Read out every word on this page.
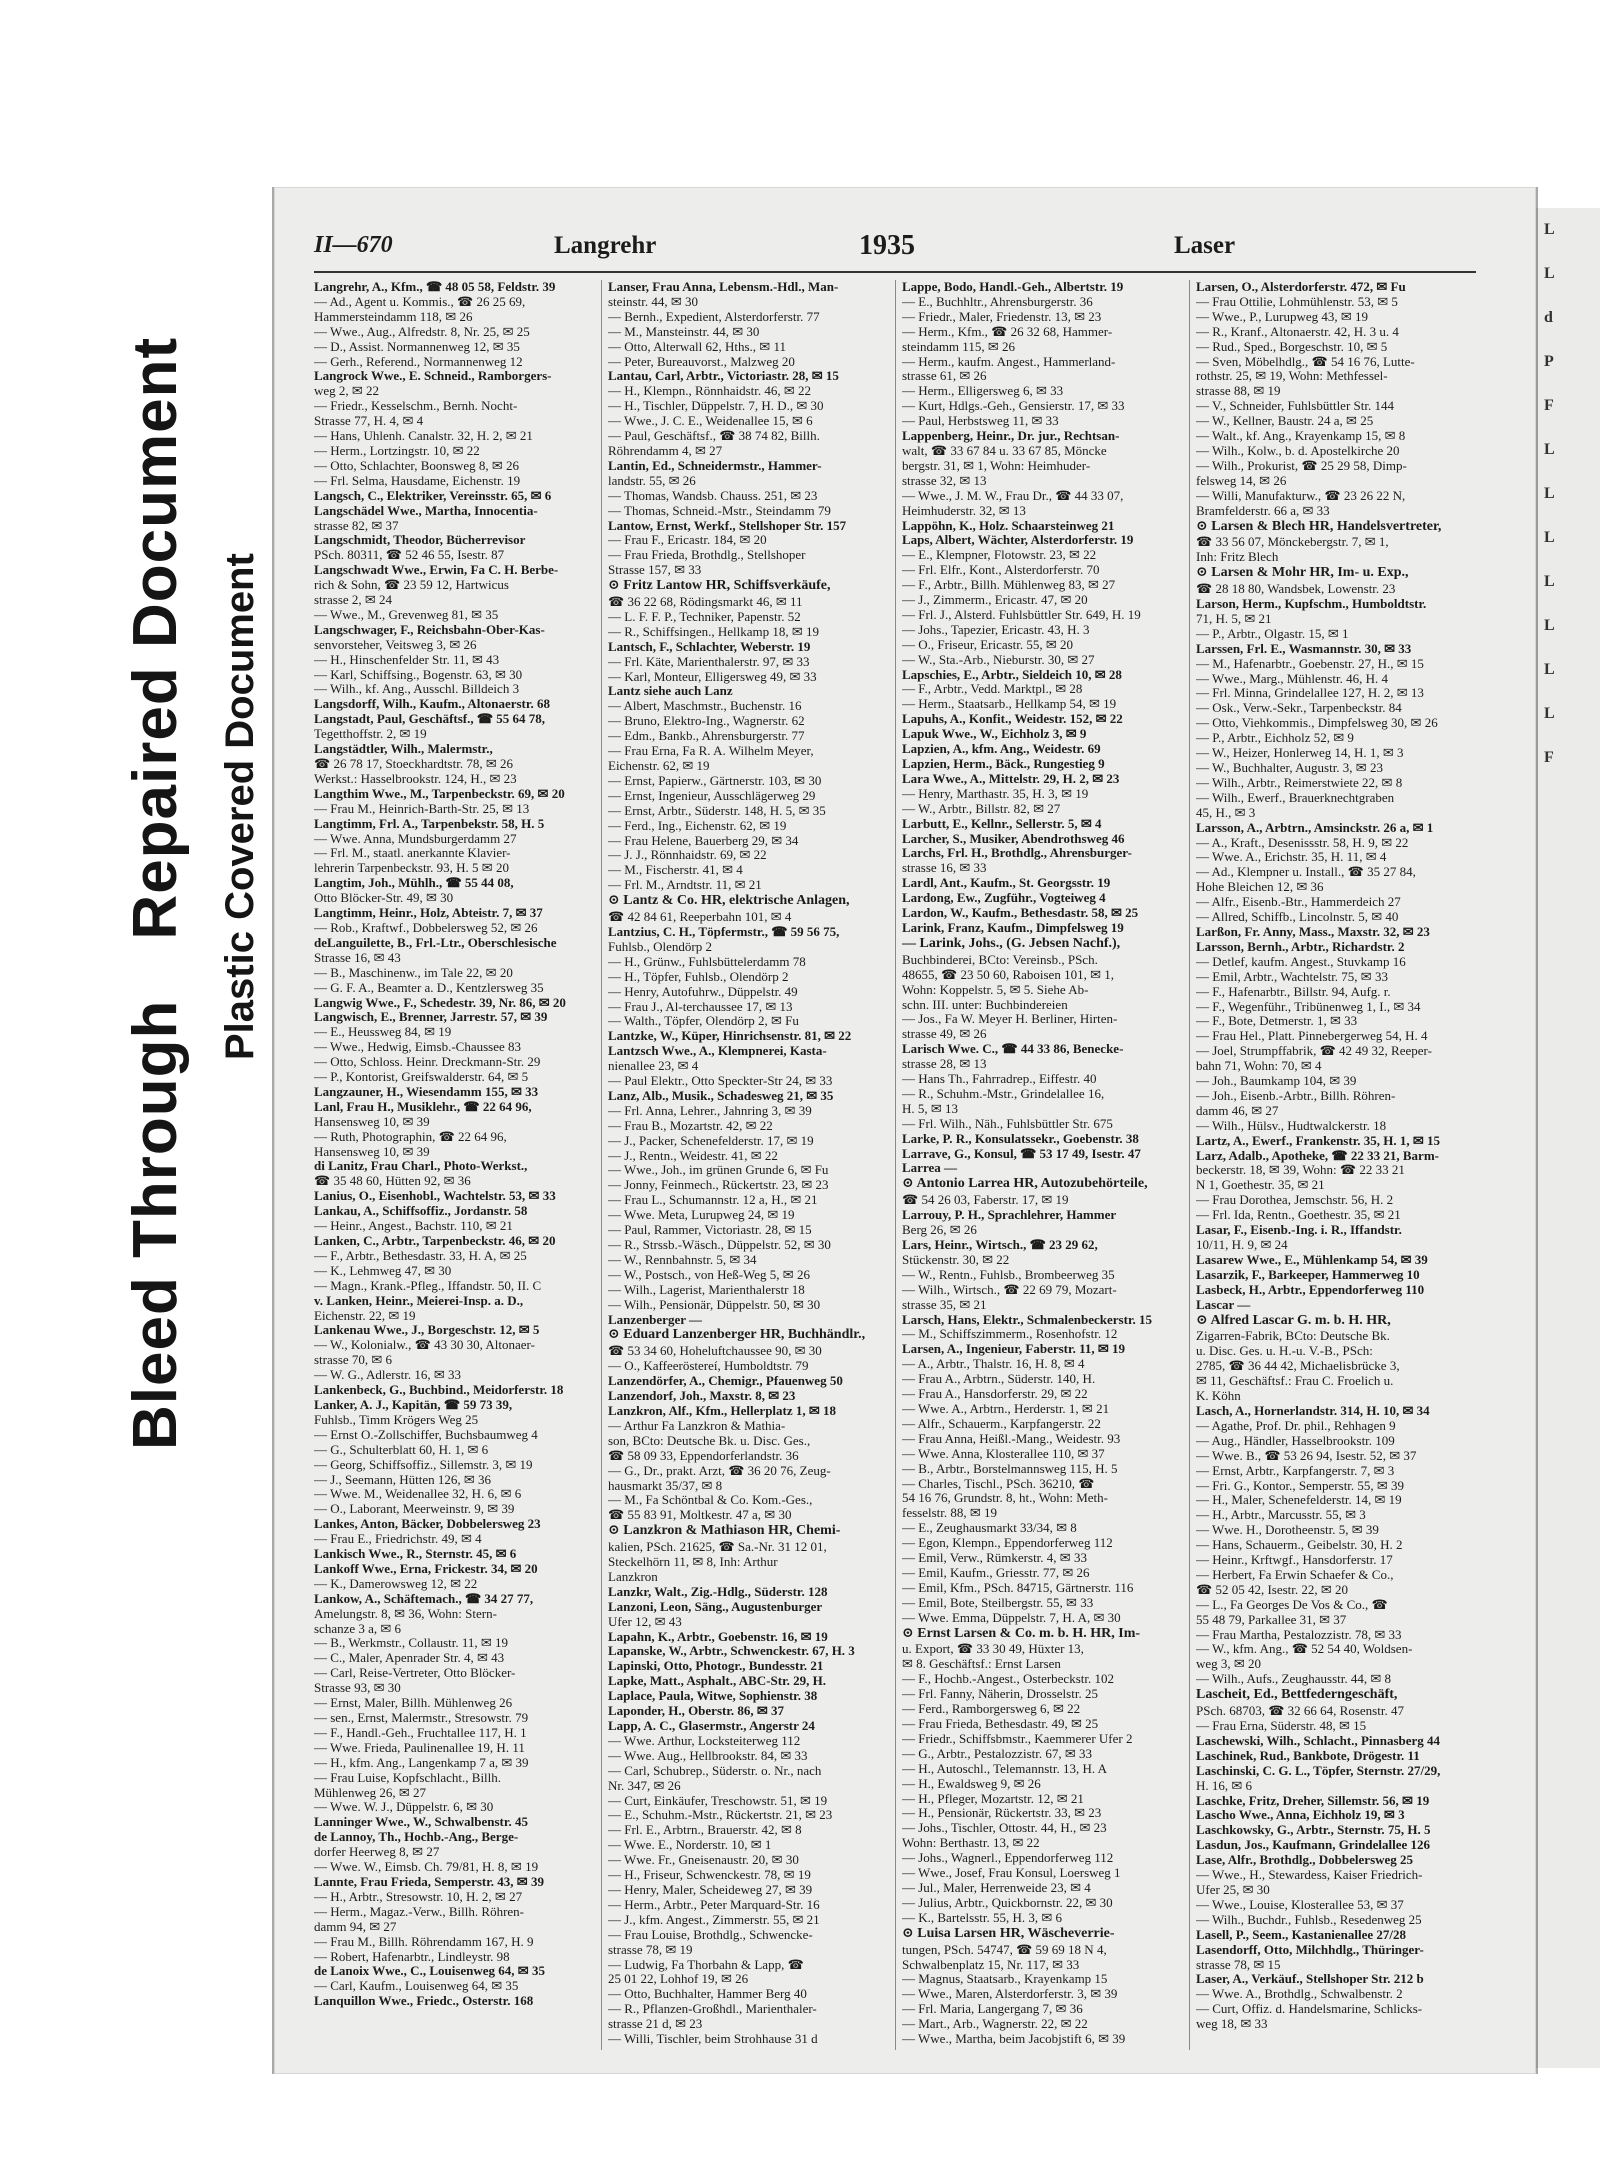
Bleed ThroughRepaired Document Plastic Covered Document
II—670	Langrehr	1935	Laser
Langrehr, A., Kfm., ☎ 48 05 58, Feldstr. 39
— Ad., Agent u. Kommis., ☎ 26 25 69,
Hammersteindamm 118, ✉ 26
— Wwe., Aug., Alfredstr. 8, Nr. 25, ✉ 25
— D., Assist. Normannenweg 12, ✉ 35
— Gerh., Referend., Normannenweg 12
Langrock Wwe., E. Schneid., Ramborgers-
weg 2, ✉ 22
— Friedr., Kesselschm., Bernh. Nocht-
Strasse 77, H. 4, ✉ 4
— Hans, Uhlenh. Canalstr. 32, H. 2, ✉ 21
— Herm., Lortzingstr. 10, ✉ 22
— Otto, Schlachter, Boonsweg 8, ✉ 26
— Frl. Selma, Hausdame, Eichenstr. 19
Langsch, C., Elektriker, Vereinsstr. 65, ✉ 6
Langschädel Wwe., Martha, Innocentia-
strasse 82, ✉ 37
Langschmidt, Theodor, Bücherrevisor
PSch. 80311, ☎ 52 46 55, Isestr. 87
Langschwadt Wwe., Erwin, Fa C. H. Berbe-
rich & Sohn, ☎ 23 59 12, Hartwicus
strasse 2, ✉ 24
— Wwe., M., Grevenweg 81, ✉ 35
Langschwager, F., Reichsbahn-Ober-Kas-
senvorsteher, Veitsweg 3, ✉ 26
— H., Hinschenfelder Str. 11, ✉ 43
— Karl, Schiffsing., Bogenstr. 63, ✉ 30
— Wilh., kf. Ang., Ausschl. Billdeich 3
Langsdorff, Wilh., Kaufm., Altonaerstr. 68
Langstadt, Paul, Geschäftsf., ☎ 55 64 78,
Tegetthoffstr. 2, ✉ 19
Langstädtler, Wilh., Malermstr.,
☎ 26 78 17, Stoeckhardtstr. 78, ✉ 26
Werkst.: Hasselbrookstr. 124, H., ✉ 23
Langthim Wwe., M., Tarpenbeckstr. 69, ✉ 20
— Frau M., Heinrich-Barth-Str. 25, ✉ 13
Langtimm, Frl. A., Tarpenbekstr. 58, H. 5
— Wwe. Anna, Mundsburgerdamm 27
— Frl. M., staatl. anerkannte Klavier-
lehrerin Tarpenbeckstr. 93, H. 5 ✉ 20
Langtim, Joh., Mühlh., ☎ 55 44 08,
Otto Blöcker-Str. 49, ✉ 30
Langtimm, Heinr., Holz, Abteistr. 7, ✉ 37
— Rob., Kraftwf., Dobbelersweg 52, ✉ 26
deLanguilette, B., Frl.-Ltr., Oberschlesische
Strasse 16, ✉ 43
— B., Maschinenw., im Tale 22, ✉ 20
— G. F. A., Beamter a. D., Kentzlersweg 35
Langwig Wwe., F., Schedestr. 39, Nr. 86, ✉ 20
Langwisch, E., Brenner, Jarrestr. 57, ✉ 39
— E., Heussweg 84, ✉ 19
— Wwe., Hedwig, Eimsb.-Chaussee 83
— Otto, Schloss. Heinr. Dreckmann-Str. 29
— P., Kontorist, Greifswalderstr. 64, ✉ 5
Langzauner, H., Wiesendamm 155, ✉ 33
Lanl, Frau H., Musiklehr., ☎ 22 64 96,
Hansensweg 10, ✉ 39
— Ruth, Photographin, ☎ 22 64 96,
Hansensweg 10, ✉ 39
di Lanitz, Frau Charl., Photo-Werkst.,
☎ 35 48 60, Hütten 92, ✉ 36
Lanius, O., Eisenhobl., Wachtelstr. 53, ✉ 33
Lankau, A., Schiffsoffiz., Jordanstr. 58
— Heinr., Angest., Bachstr. 110, ✉ 21
Lanken, C., Arbtr., Tarpenbeckstr. 46, ✉ 20
— F., Arbtr., Bethesdastr. 33, H. A, ✉ 25
— K., Lehmweg 47, ✉ 30
— Magn., Krank.-Pfleg., Iffandstr. 50, II. C
v. Lanken, Heinr., Meierei-Insp. a. D.,
Eichenstr. 22, ✉ 19
Lankenau Wwe., J., Borgeschstr. 12, ✉ 5
— W., Kolonialw., ☎ 43 30 30, Altonaer-
strasse 70, ✉ 6
— W. G., Adlerstr. 16, ✉ 33
Lankenbeck, G., Buchbind., Meidorferstr. 18
Lanker, A. J., Kapitän, ☎ 59 73 39,
Fuhlsb., Timm Krögers Weg 25
— Ernst O.-Zollschiffer, Buchsbaumweg 4
— G., Schulterblatt 60, H. 1, ✉ 6
— Georg, Schiffsoffiz., Sillemstr. 3, ✉ 19
— J., Seemann, Hütten 126, ✉ 36
— Wwe. M., Weidenallee 32, H. 6, ✉ 6
— O., Laborant, Meerweinstr. 9, ✉ 39
Lankes, Anton, Bäcker, Dobbelersweg 23
— Frau E., Friedrichstr. 49, ✉ 4
Lankisch Wwe., R., Sternstr. 45, ✉ 6
Lankoff Wwe., Erna, Frickestr. 34, ✉ 20
— K., Damerowsweg 12, ✉ 22
Lankow, A., Schäftemach., ☎ 34 27 77,
Amelungstr. 8, ✉ 36, Wohn: Stern-
schanze 3 a, ✉ 6
— B., Werkmstr., Collaustr. 11, ✉ 19
— C., Maler, Apenrader Str. 4, ✉ 43
— Carl, Reise-Vertreter, Otto Blöcker-
Strasse 93, ✉ 30
— Ernst, Maler, Billh. Mühlenweg 26
— sen., Ernst, Malermstr., Stresowstr. 79
— F., Handl.-Geh., Fruchtallee 117, H. 1
— Wwe. Frieda, Paulinenallee 19, H. 11
— H., kfm. Ang., Langenkamp 7 a, ✉ 39
— Frau Luise, Kopfschlacht., Billh.
Mühlenweg 26, ✉ 27
— Wwe. W. J., Düppelstr. 6, ✉ 30
Lanninger Wwe., W., Schwalbenstr. 45
de Lannoy, Th., Hochb.-Ang., Berge-
dorfer Heerweg 8, ✉ 27
— Wwe. W., Eimsb. Ch. 79/81, H. 8, ✉ 19
Lannte, Frau Frieda, Semperstr. 43, ✉ 39
— H., Arbtr., Stresowstr. 10, H. 2, ✉ 27
— Herm., Magaz.-Verw., Billh. Röhren-
damm 94, ✉ 27
— Frau M., Billh. Röhrendamm 167, H. 9
— Robert, Hafenarbtr., Lindleystr. 98
de Lanoix Wwe., C., Louisenweg 64, ✉ 35
— Carl, Kaufm., Louisenweg 64, ✉ 35
Lanquillon Wwe., Friedc., Osterstr. 168
Lanser, Frau Anna, Lebensm.-Hdl., Man-
steinstr. 44, ✉ 30
— Bernh., Expedient, Alsterdorferstr. 77
— M., Mansteinstr. 44, ✉ 30
— Otto, Alterwall 62, Hths., ✉ 11
— Peter, Bureauvorst., Malzweg 20
Lantau, Carl, Arbtr., Victoriastr. 28, ✉ 15
— H., Klempn., Rönnhaidstr. 46, ✉ 22
— H., Tischler, Düppelstr. 7, H. D., ✉ 30
— Wwe., J. C. E., Weidenallee 15, ✉ 6
— Paul, Geschäftsf., ☎ 38 74 82, Billh.
Röhrendamm 4, ✉ 27
Lantin, Ed., Schneidermstr., Hammer-
landstr. 55, ✉ 26
— Thomas, Wandsb. Chauss. 251, ✉ 23
— Thomas, Schneid.-Mstr., Steindamm 79
Lantow, Ernst, Werkf., Stellshoper Str. 157
— Frau F., Ericastr. 184, ✉ 20
— Frau Frieda, Brothdlg., Stellshoper
Strasse 157, ✉ 33
⊙ Fritz Lantow HR, Schiffsverkäufe,
☎ 36 22 68, Rödingsmarkt 46, ✉ 11
— L. F. F. P., Techniker, Papenstr. 52
— R., Schiffsingen., Hellkamp 18, ✉ 19
Lantsch, F., Schlachter, Weberstr. 19
— Frl. Käte, Marienthalerstr. 97, ✉ 33
— Karl, Monteur, Elligersweg 49, ✉ 33
Lantz siehe auch Lanz
— Albert, Maschmstr., Buchenstr. 16
— Bruno, Elektro-Ing., Wagnerstr. 62
— Edm., Bankb., Ahrensburgerstr. 77
— Frau Erna, Fa R. A. Wilhelm Meyer,
Eichenstr. 62, ✉ 19
— Ernst, Papierw., Gärtnerstr. 103, ✉ 30
— Ernst, Ingenieur, Ausschlägerweg 29
— Ernst, Arbtr., Süderstr. 148, H. 5, ✉ 35
— Ferd., Ing., Eichenstr. 62, ✉ 19
— Frau Helene, Bauerberg 29, ✉ 34
— J. J., Rönnhaidstr. 69, ✉ 22
— M., Fischerstr. 41, ✉ 4
— Frl. M., Arndtstr. 11, ✉ 21
⊙ Lantz & Co. HR, elektrische Anlagen,
☎ 42 84 61, Reeperbahn 101, ✉ 4
Lantzius, C. H., Töpfermstr., ☎ 59 56 75,
Fuhlsb., Olendörp 2
— H., Grünw., Fuhlsbüttelerdamm 78
— H., Töpfer, Fuhlsb., Olendörp 2
— Henry, Autofuhrw., Düppelstr. 49
— Frau J., Al-terchaussee 17, ✉ 13
— Walth., Töpfer, Olendörp 2, ✉ Fu
Lantzke, W., Küper, Hinrichsenstr. 81, ✉ 22
Lantzsch Wwe., A., Klempnerei, Kasta-
nienallee 23, ✉ 4
— Paul Elektr., Otto Speckter-Str 24, ✉ 33
Lanz, Alb., Musik., Schadesweg 21, ✉ 35
— Frl. Anna, Lehrer., Jahnring 3, ✉ 39
— Frau B., Mozartstr. 42, ✉ 22
— J., Packer, Schenefelderstr. 17, ✉ 19
— J., Rentn., Weidestr. 41, ✉ 22
— Wwe., Joh., im grünen Grunde 6, ✉ Fu
— Jonny, Feinmech., Rückertstr. 23, ✉ 23
— Frau L., Schumannstr. 12 a, H., ✉ 21
— Wwe. Meta, Lurupweg 24, ✉ 19
— Paul, Rammer, Victoriastr. 28, ✉ 15
— R., Strssb.-Wäsch., Düppelstr. 52, ✉ 30
— W., Rennbahnstr. 5, ✉ 34
— W., Postsch., von Heß-Weg 5, ✉ 26
— Wilh., Lagerist, Marienthalerstr 18
— Wilh., Pensionär, Düppelstr. 50, ✉ 30
Lanzenberger —
⊙ Eduard Lanzenberger HR, Buchhändlr.,
☎ 53 34 60, Hoheluftchaussee 90, ✉ 30
— O., Kaffeeröstereí, Humboldtstr. 79
Lanzendörfer, A., Chemigr., Pfauenweg 50
Lanzendorf, Joh., Maxstr. 8, ✉ 23
Lanzkron, Alf., Kfm., Hellerplatz 1, ✉ 18
— Arthur Fa Lanzkron & Mathia-
son, BCto: Deutsche Bk. u. Disc. Ges.,
☎ 58 09 33, Eppendorferlandstr. 36
— G., Dr., prakt. Arzt, ☎ 36 20 76, Zeug-
hausmarkt 35/37, ✉ 8
— M., Fa Schöntbal & Co. Kom.-Ges.,
☎ 55 83 91, Moltkestr. 47 a, ✉ 30
⊙ Lanzkron & Mathiason HR, Chemi-
kalien, PSch. 21625, ☎ Sa.-Nr. 31 12 01,
Steckelhörn 11, ✉ 8, Inh: Arthur
Lanzkron
Lanzkr, Walt., Zig.-Hdlg., Süderstr. 128
Lanzoni, Leon, Säng., Augustenburger
Ufer 12, ✉ 43
Lapahn, K., Arbtr., Goebenstr. 16, ✉ 19
Lapanske, W., Arbtr., Schwenckestr. 67, H. 3
Lapinski, Otto, Photogr., Bundesstr. 21
Lapke, Matt., Asphalt., ABC-Str. 29, H.
Laplace, Paula, Witwe, Sophienstr. 38
Laponder, H., Oberstr. 86, ✉ 37
Lapp, A. C., Glasermstr., Angerstr 24
— Wwe. Arthur, Locksteiterweg 112
— Wwe. Aug., Hellbrookstr. 84, ✉ 33
— Carl, Schubrep., Süderstr. o. Nr., nach
Nr. 347, ✉ 26
— Curt, Einkäufer, Treschowstr. 51, ✉ 19
— E., Schuhm.-Mstr., Rückertstr. 21, ✉ 23
— Frl. E., Arbtrn., Brauerstr. 42, ✉ 8
— Wwe. E., Norderstr. 10, ✉ 1
— Wwe. Fr., Gneisenaustr. 20, ✉ 30
— H., Friseur, Schwenckestr. 78, ✉ 19
— Henry, Maler, Scheideweg 27, ✉ 39
— Herm., Arbtr., Peter Marquard-Str. 16
— J., kfm. Angest., Zimmerstr. 55, ✉ 21
— Frau Louise, Brothdlg., Schwencke-
strasse 78, ✉ 19
— Ludwig, Fa Thorbahn & Lapp, ☎
25 01 22, Lohhof 19, ✉ 26
— Otto, Buchhalter, Hammer Berg 40
— R., Pflanzen-Großhdl., Marienthaler-
strasse 21 d, ✉ 23
— Willi, Tischler, beim Strohhause 31 d
Lappe, Bodo, Handl.-Geh., Albertstr. 19
— E., Buchhltr., Ahrensburgerstr. 36
— Friedr., Maler, Friedenstr. 13, ✉ 23
— Herm., Kfm., ☎ 26 32 68, Hammer-
steindamm 115, ✉ 26
— Herm., kaufm. Angest., Hammerland-
strasse 61, ✉ 26
— Herm., Elligersweg 6, ✉ 33
— Kurt, Hdlgs.-Geh., Gensierstr. 17, ✉ 33
— Paul, Herbstsweg 11, ✉ 33
Lappenberg, Heinr., Dr. jur., Rechtsan-
walt, ☎ 33 67 84 u. 33 67 85, Mönckе
bergstr. 31, ✉ 1, Wohn: Heimhuder-
strasse 32, ✉ 13
— Wwe., J. M. W., Frau Dr., ☎ 44 33 07,
Heimhuderstr. 32, ✉ 13
Lappöhn, K., Holz. Schaarsteinweg 21
Laps, Albert, Wächter, Alsterdorferstr. 19
— E., Klempner, Flotowstr. 23, ✉ 22
— Frl. Elfr., Kont., Alsterdorferstr. 70
— F., Arbtr., Billh. Mühlenweg 83, ✉ 27
— J., Zimmerm., Ericastr. 47, ✉ 20
— Frl. J., Alsterd. Fuhlsbüttler Str. 649, H. 19
— Johs., Tapezier, Ericastr. 43, H. 3
— O., Friseur, Ericastr. 55, ✉ 20
— W., Sta.-Arb., Nieburstr. 30, ✉ 27
Lapschies, E., Arbtr., Sieldeich 10, ✉ 28
— F., Arbtr., Vedd. Marktpl., ✉ 28
— Herm., Staatsarb., Hellkamp 54, ✉ 19
Lapuhs, A., Konfit., Weidestr. 152, ✉ 22
Lapuk Wwe., W., Eichholz 3, ✉ 9
Lapzien, A., kfm. Ang., Weidestr. 69
Lapzien, Herm., Bäck., Rungestieg 9
Lara Wwe., A., Mittelstr. 29, H. 2, ✉ 23
— Henry, Marthastr. 35, H. 3, ✉ 19
— W., Arbtr., Billstr. 82, ✉ 27
Larbutt, E., Kellnr., Sellerstr. 5, ✉ 4
Larcher, S., Musiker, Abendrothsweg 46
Larchs, Frl. H., Brothdlg., Ahrensburger-
strasse 16, ✉ 33
Lardl, Ant., Kaufm., St. Georgsstr. 19
Lardong, Ew., Zugführ., Vogteiweg 4
Lardon, W., Kaufm., Bethesdastr. 58, ✉ 25
Larink, Franz, Kaufm., Dimpfelsweg 19
— Larink, Johs., (G. Jebsen Nachf.),
Buchbinderei, BCto: Vereinsb., PSch.
48655, ☎ 23 50 60, Raboisen 101, ✉ 1,
Wohn: Koppelstr. 5, ✉ 5. Siehe Ab-
schn. III. unter: Buchbindereien
— Jos., Fa W. Meyer H. Berliner, Hirten-
strasse 49, ✉ 26
Larisch Wwe. C., ☎ 44 33 86, Benecke-
strasse 28, ✉ 13
— Hans Th., Fahrradrep., Eiffestr. 40
— R., Schuhm.-Mstr., Grindelallee 16,
H. 5, ✉ 13
— Frl. Wilh., Näh., Fuhlsbüttler Str. 675
Larke, P. R., Konsulatssekr., Goebenstr. 38
Larrave, G., Konsul, ☎ 53 17 49, Isestr. 47
Larrea —
⊙ Antonio Larrea HR, Autozubehörteile,
☎ 54 26 03, Faberstr. 17, ✉ 19
Larrouy, P. H., Sprachlehrer, Hammer
Berg 26, ✉ 26
Lars, Heinr., Wirtsch., ☎ 23 29 62,
Stückenstr. 30, ✉ 22
— W., Rentn., Fuhlsb., Brombeerweg 35
— Wilh., Wirtsch., ☎ 22 69 79, Mozart-
strasse 35, ✉ 21
Larsch, Hans, Elektr., Schmalenbeckerstr. 15
— M., Schiffszimmerm., Rosenhofstr. 12
Larsen, A., Ingenieur, Faberstr. 11, ✉ 19
— A., Arbtr., Thalstr. 16, H. 8, ✉ 4
— Frau A., Arbtrn., Süderstr. 140, H.
— Frau A., Hansdorferstr. 29, ✉ 22
— Wwe. A., Arbtrn., Herderstr. 1, ✉ 21
— Alfr., Schauerm., Karpfangerstr. 22
— Frau Anna, Heißl.-Mang., Weidestr. 93
— Wwe. Anna, Klosterallee 110, ✉ 37
— B., Arbtr., Borstelmannsweg 115, H. 5
— Charles, Tischl., PSch. 36210, ☎
54 16 76, Grundstr. 8, ht., Wohn: Meth-
fesselstr. 88, ✉ 19
— E., Zeughausmarkt 33/34, ✉ 8
— Egon, Klempn., Eppendorferweg 112
— Emil, Verw., Rümkerstr. 4, ✉ 33
— Emil, Kaufm., Griesstr. 77, ✉ 26
— Emil, Kfm., PSch. 84715, Gärtnerstr. 116
— Emil, Bote, Steilbergstr. 55, ✉ 33
— Wwe. Emma, Düppelstr. 7, H. A, ✉ 30
⊙ Ernst Larsen & Co. m. b. H. HR, Im-
u. Export, ☎ 33 30 49, Hüxter 13,
✉ 8. Geschäftsf.: Ernst Larsen
— F., Hochb.-Angest., Osterbeckstr. 102
— Frl. Fanny, Näherin, Drosselstr. 25
— Ferd., Ramborgersweg 6, ✉ 22
— Frau Frieda, Bethesdastr. 49, ✉ 25
— Friedr., Schiffsbmstr., Kaemmerer Ufer 2
— G., Arbtr., Pestalozzistr. 67, ✉ 33
— H., Autoschl., Telemannstr. 13, H. A
— H., Ewaldsweg 9, ✉ 26
— H., Pfleger, Mozartstr. 12, ✉ 21
— H., Pensionär, Rückertstr. 33, ✉ 23
— Johs., Tischler, Ottostr. 44, H., ✉ 23
Wohn: Berthastr. 13, ✉ 22
— Johs., Wagnerl., Eppendorferweg 112
— Wwe., Josef, Frau Konsul, Loersweg 1
— Jul., Maler, Herrenweide 23, ✉ 4
— Julius, Arbtr., Quickbornstr. 22, ✉ 30
— K., Bartelsstr. 55, H. 3, ✉ 6
⊙ Luisa Larsen HR, Wäscheverrie-
tungen, PSch. 54747, ☎ 59 69 18 N 4,
Schwalbenplatz 15, Nr. 117, ✉ 33
— Magnus, Staatsarb., Krayenkamp 15
— Wwe., Maren, Alsterdorferstr. 3, ✉ 39
— Frl. Maria, Langergang 7, ✉ 36
— Mart., Arb., Wagnerstr. 22, ✉ 22
— Wwe., Martha, beim Jacobjstift 6, ✉ 39
Larsen, O., Alsterdorferstr. 472, ✉ Fu
— Frau Ottilie, Lohmühlenstr. 53, ✉ 5
— Wwe., P., Lurupweg 43, ✉ 19
— R., Kranf., Altonaerstr. 42, H. 3 u. 4
— Rud., Sped., Borgeschstr. 10, ✉ 5
— Sven, Möbelhdlg., ☎ 54 16 76, Lutte-
rothstr. 25, ✉ 19, Wohn: Methfessel-
strasse 88, ✉ 19
— V., Schneider, Fuhlsbüttler Str. 144
— W., Kellner, Baustr. 24 a, ✉ 25
— Walt., kf. Ang., Krayenkamp 15, ✉ 8
— Wilh., Kolw., b. d. Apostelkirche 20
— Wilh., Prokurist, ☎ 25 29 58, Dimp-
felsweg 14, ✉ 26
— Willi, Manufakturw., ☎ 23 26 22 N,
Bramfelderstr. 66 a, ✉ 33
⊙ Larsen & Blech HR, Handelsvertreter,
☎ 33 56 07, Mönckebergstr. 7, ✉ 1,
Inh: Fritz Blech
⊙ Larsen & Mohr HR, Im- u. Exp.,
☎ 28 18 80, Wandsbek, Lowenstr. 23
Larson, Herm., Kupfschm., Humboldtstr.
71, H. 5, ✉ 21
— P., Arbtr., Olgastr. 15, ✉ 1
Larssen, Frl. E., Wasmannstr. 30, ✉ 33
— M., Hafenarbtr., Goebenstr. 27, H., ✉ 15
— Wwe., Marg., Mühlenstr. 46, H. 4
— Frl. Minna, Grindelallee 127, H. 2, ✉ 13
— Osk., Verw.-Sekr., Tarpenbeckstr. 84
— Otto, Viehkommis., Dimpfelsweg 30, ✉ 26
— P., Arbtr., Eichholz 52, ✉ 9
— W., Heizer, Honlerweg 14, H. 1, ✉ 3
— W., Buchhalter, Augustr. 3, ✉ 23
— Wilh., Arbtr., Reimerstwiete 22, ✉ 8
— Wilh., Ewerf., Brauerknechtgraben
45, H., ✉ 3
Larsson, A., Arbtrn., Amsinckstr. 26 a, ✉ 1
— A., Kraft., Desenissstr. 58, H. 9, ✉ 22
— Wwe. A., Erichstr. 35, H. 11, ✉ 4
— Ad., Klempner u. Install., ☎ 35 27 84,
Hohe Bleichen 12, ✉ 36
— Alfr., Eisenb.-Btr., Hammerdeich 27
— Allred, Schiffb., Lincolnstr. 5, ✉ 40
Larßon, Fr. Anny, Mass., Maxstr. 32, ✉ 23
Larsson, Bernh., Arbtr., Richardstr. 2
— Detlef, kaufm. Angest., Stuvkamp 16
— Emil, Arbtr., Wachtelstr. 75, ✉ 33
— F., Hafenarbtr., Billstr. 94, Aufg. r.
— F., Wegenführ., Tribünenweg 1, I., ✉ 34
— F., Bote, Detmerstr. 1, ✉ 33
— Frau Hel., Platt. Pinnebergerweg 54, H. 4
— Joel, Strumpffabrik, ☎ 42 49 32, Reeper-
bahn 71, Wohn: 70, ✉ 4
— Joh., Baumkamp 104, ✉ 39
— Joh., Eisenb.-Arbtr., Billh. Röhren-
damm 46, ✉ 27
— Wilh., Hülsv., Hudtwalckerstr. 18
Lartz, A., Ewerf., Frankenstr. 35, H. 1, ✉ 15
Larz, Adalb., Apotheke, ☎ 22 33 21, Barm-
beckerstr. 18, ✉ 39, Wohn: ☎ 22 33 21
N 1, Goethestr. 35, ✉ 21
— Frau Dorothea, Jemschstr. 56, H. 2
— Frl. Ida, Rentn., Goethestr. 35, ✉ 21
Lasar, F., Eisenb.-Ing. i. R., Iffandstr.
10/11, H. 9, ✉ 24
Lasarew Wwe., E., Mühlenkamp 54, ✉ 39
Lasarzik, F., Barkeeper, Hammerweg 10
Lasbeck, H., Arbtr., Eppendorferweg 110
Lascar —
⊙ Alfred Lascar G. m. b. H. HR,
Zigarren-Fabrik, BCto: Deutsche Bk.
u. Disc. Ges. u. H.-u. V.-B., PSch:
2785, ☎ 36 44 42, Michaelisbrücke 3,
✉ 11, Geschäftsf.: Frau C. Froelich u.
K. Köhn
Lasch, A., Hornerlandstr. 314, H. 10, ✉ 34
— Agathe, Prof. Dr. phil., Rehhagen 9
— Aug., Händler, Hasselbrookstr. 109
— Wwe. B., ☎ 53 26 94, Isestr. 52, ✉ 37
— Ernst, Arbtr., Karpfangerstr. 7, ✉ 3
— Fri. G., Kontor., Semperstr. 55, ✉ 39
— H., Maler, Schenefelderstr. 14, ✉ 19
— H., Arbtr., Marcusstr. 55, ✉ 3
— Wwe. H., Dorotheenstr. 5, ✉ 39
— Hans, Schauerm., Geibelstr. 30, H. 2
— Heinr., Krftwgf., Hansdorferstr. 17
— Herbert, Fa Erwin Schaefer & Co.,
☎ 52 05 42, Isestr. 22, ✉ 20
— L., Fa Georges De Vos & Co., ☎
55 48 79, Parkallee 31, ✉ 37
— Frau Martha, Pestalozzistr. 78, ✉ 33
— W., kfm. Ang., ☎ 52 54 40, Woldsen-
weg 3, ✉ 20
— Wilh., Aufs., Zeughausstr. 44, ✉ 8
Lascheit, Ed., Bettfederngeschäft,
PSch. 68703, ☎ 32 66 64, Rosenstr. 47
— Frau Erna, Süderstr. 48, ✉ 15
Laschewski, Wilh., Schlacht., Pinnasberg 44
Laschinek, Rud., Bankbote, Drögestr. 11
Laschinski, C. G. L., Töpfer, Sternstr. 27/29,
H. 16, ✉ 6
Laschke, Fritz, Dreher, Sillemstr. 56, ✉ 19
Lascho Wwe., Anna, Eichholz 19, ✉ 3
Laschkowsky, G., Arbtr., Sternstr. 75, H. 5
Lasdun, Jos., Kaufmann, Grindelallee 126
Lase, Alfr., Brothdlg., Dobbelersweg 25
— Wwe., H., Stewardess, Kaiser Friedrich-
Ufer 25, ✉ 30
— Wwe., Louise, Klosterallee 53, ✉ 37
— Wilh., Buchdr., Fuhlsb., Resedenweg 25
Lasell, P., Seem., Kastanienallee 27/28
Lasendorff, Otto, Milchhdlg., Thüringer-
strasse 78, ✉ 15
Laser, A., Verkäuf., Stellshoper Str. 212 b
— Wwe. A., Brothdlg., Schwalbenstr. 2
— Curt, Offiz. d. Handelsmarine, Schlicks-
weg 18, ✉ 33
L
L
d
P
F
L
L
L
L
L
L
L
F
